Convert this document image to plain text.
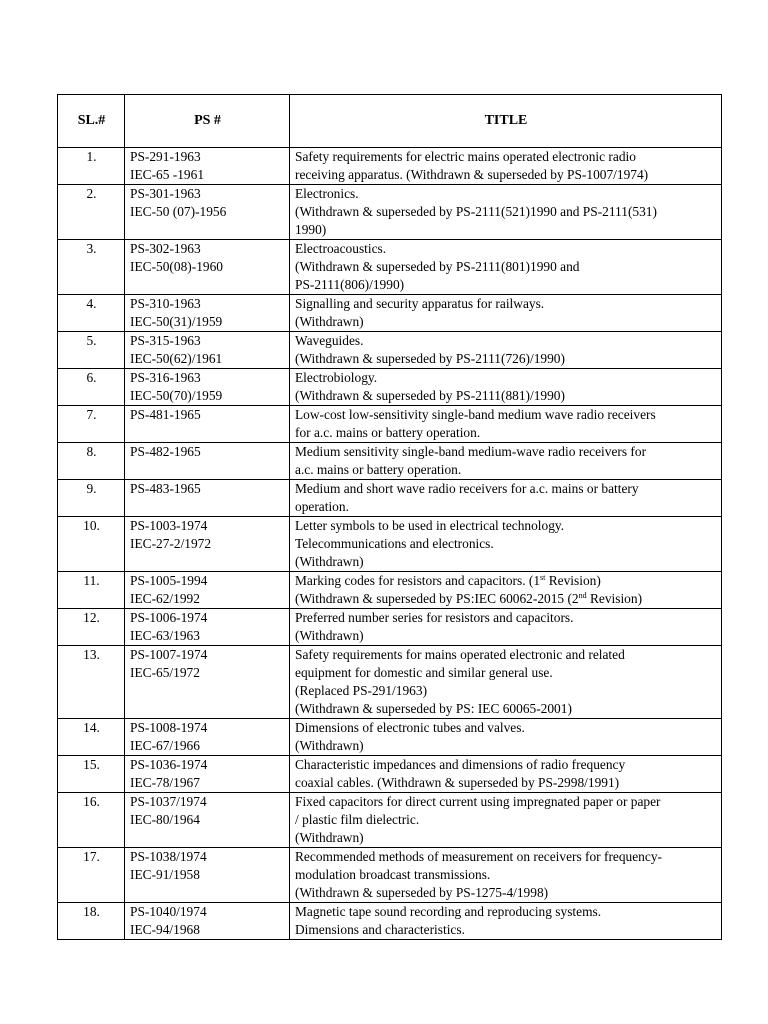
SL.#	PS #	TITLE
1.	PS-291-1963
IEC-65 -1961	Safety requirements for electric mains operated electronic radio
receiving apparatus. (Withdrawn & superseded by PS-1007/1974)

2.	PS-301-1963
IEC-50 (07)-1956	Electronics.
(Withdrawn & superseded by PS-2111(521)1990 and PS-2111(531)
1990)

3.	PS-302-1963
IEC-50(08)-1960	Electroacoustics.
(Withdrawn & superseded by PS-2111(801)1990 and
PS-2111(806)/1990)

4.	PS-310-1963
IEC-50(31)/1959	Signalling and security apparatus for railways.
(Withdrawn)

5.	PS-315-1963
IEC-50(62)/1961	Waveguides.
(Withdrawn & superseded by PS-2111(726)/1990)

6.	PS-316-1963
IEC-50(70)/1959	Electrobiology.
(Withdrawn & superseded by PS-2111(881)/1990)

7.	PS-481-1965	Low-cost low-sensitivity single-band medium wave radio receivers
for a.c. mains or battery operation.

8.	PS-482-1965	Medium sensitivity single-band medium-wave radio receivers for
a.c. mains or battery operation.

9.	PS-483-1965	Medium and short wave radio receivers for a.c. mains or battery
operation.

10.	PS-1003-1974
IEC-27-2/1972	Letter symbols to be used in electrical technology.
Telecommunications and electronics.
(Withdrawn)

11.	PS-1005-1994
IEC-62/1992	Marking codes for resistors and capacitors. (1st Revision)
(Withdrawn & superseded by PS:IEC 60062-2015 (2nd Revision)

12.	PS-1006-1974
IEC-63/1963	Preferred number series for resistors and capacitors.
(Withdrawn)

13.	PS-1007-1974
IEC-65/1972	Safety requirements for mains operated electronic and related
equipment for domestic and similar general use.
(Replaced PS-291/1963)
(Withdrawn & superseded by PS: IEC 60065-2001)

14.	PS-1008-1974
IEC-67/1966	Dimensions of electronic tubes and valves.
(Withdrawn)

15.	PS-1036-1974
IEC-78/1967	Characteristic impedances and dimensions of radio frequency
coaxial cables. (Withdrawn & superseded by PS-2998/1991)

16.	PS-1037/1974
IEC-80/1964	Fixed capacitors for direct current using impregnated paper or paper
/ plastic film dielectric.
(Withdrawn)

17.	PS-1038/1974
IEC-91/1958	Recommended methods of measurement on receivers for frequency-
modulation broadcast transmissions.
(Withdrawn & superseded by PS-1275-4/1998)

18.	PS-1040/1974
IEC-94/1968	Magnetic tape sound recording and reproducing systems.
Dimensions and characteristics.
